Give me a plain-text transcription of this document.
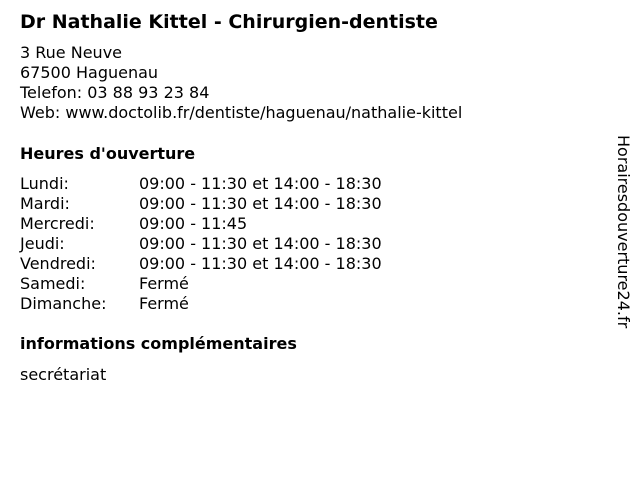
Dr Nathalie Kittel - Chirurgien-dentiste
3 Rue Neuve
67500 Haguenau
Telefon: 03 88 93 23 84
Web: www.doctolib.fr/dentiste/haguenau/nathalie-kittel
Heures d'ouverture
Lundi:	09:00 - 11:30 et 14:00 - 18:30
Mardi:	09:00 - 11:30 et 14:00 - 18:30
Mercredi:	09:00 - 11:45
Jeudi:	09:00 - 11:30 et 14:00 - 18:30
Vendredi:	09:00 - 11:30 et 14:00 - 18:30
Samedi:	Fermé
Dimanche: Fermé
informations complémentaires
secrétariat
Horairesdouverture24.fr
